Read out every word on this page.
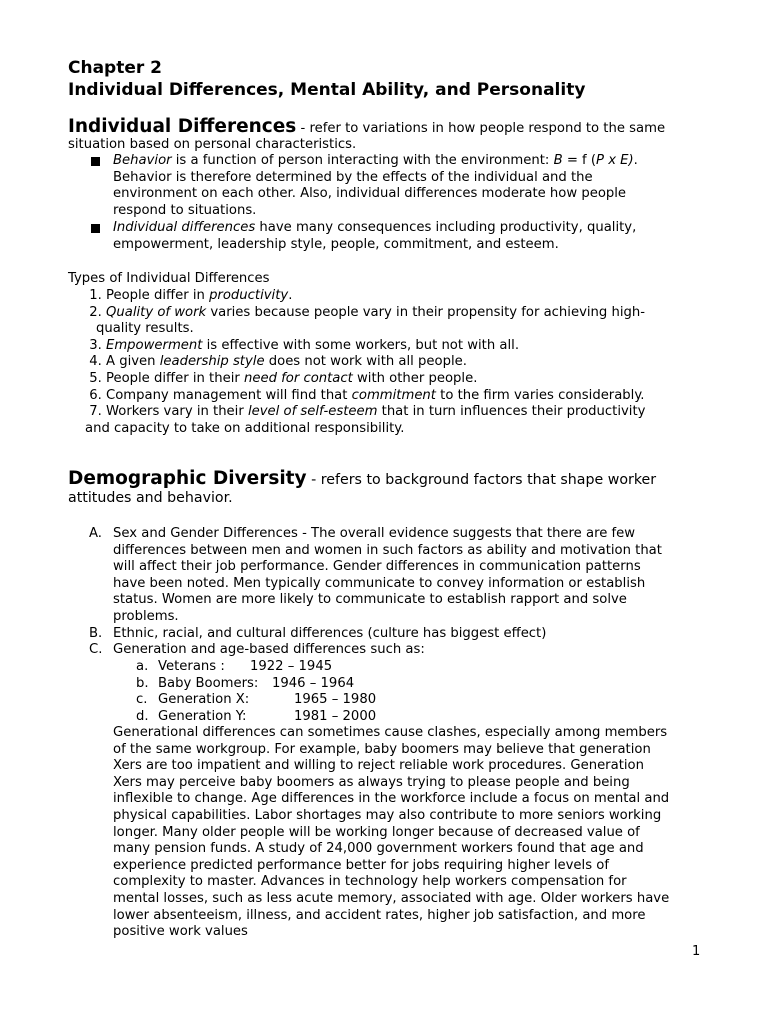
Chapter 2
Individual Differences, Mental Ability, and Personality
Individual Differences - refer to variations in how people respond to the same
situation based on personal characteristics.
Behavior is a function of person interacting with the environment: B = f (P x E).
Behavior is therefore determined by the effects of the individual and the
environment on each other. Also, individual differences moderate how people
respond to situations.
Individual differences have many consequences including productivity, quality,
empowerment, leadership style, people, commitment, and esteem.
Types of Individual Differences
1. People differ in productivity.
2. Quality of work varies because people vary in their propensity for achieving high-
quality results.
3. Empowerment is effective with some workers, but not with all.
4. A given leadership style does not work with all people.
5. People differ in their need for contact with other people.
6. Company management will find that commitment to the firm varies considerably.
7. Workers vary in their level of self-esteem that in turn influences their productivity
and capacity to take on additional responsibility.
Demographic Diversity - refers to background factors that shape worker
attitudes and behavior.
A. Sex and Gender Differences - The overall evidence suggests that there are few
differences between men and women in such factors as ability and motivation that
will affect their job performance. Gender differences in communication patterns
have been noted. Men typically communicate to convey information or establish
status. Women are more likely to communicate to establish rapport and solve
problems.
B. Ethnic, racial, and cultural differences (culture has biggest effect)
C. Generation and age-based differences such as:
a. Veterans : 1922 – 1945
b. Baby Boomers: 1946 – 1964
c. Generation X:	1965 – 1980
d. Generation Y:	1981 – 2000
Generational differences can sometimes cause clashes, especially among members
of the same workgroup. For example, baby boomers may believe that generation
Xers are too impatient and willing to reject reliable work procedures. Generation
Xers may perceive baby boomers as always trying to please people and being
inflexible to change. Age differences in the workforce include a focus on mental and
physical capabilities. Labor shortages may also contribute to more seniors working
longer. Many older people will be working longer because of decreased value of
many pension funds. A study of 24,000 government workers found that age and
experience predicted performance better for jobs requiring higher levels of
complexity to master. Advances in technology help workers compensation for
mental losses, such as less acute memory, associated with age. Older workers have
lower absenteeism, illness, and accident rates, higher job satisfaction, and more
positive work values
1
